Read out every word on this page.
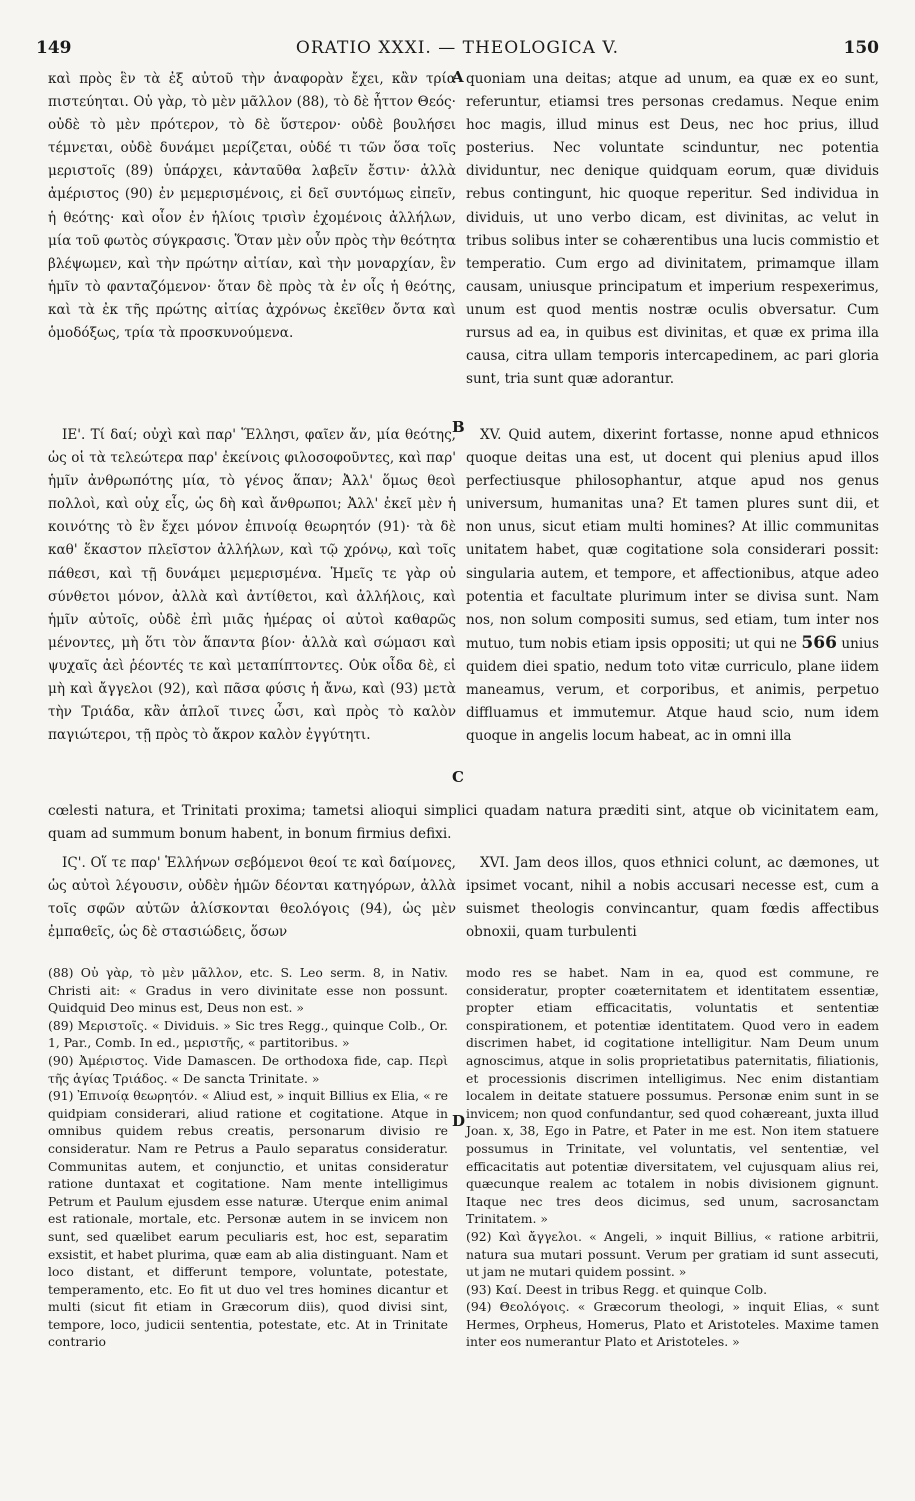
149	ORATIO XXXI. — THEOLOGICA V.	150

καὶ πρὸς ἓν τὰ ἐξ αὐτοῦ τὴν ἀναφορὰν ἔχει, κἂν τρία πιστεύηται. Οὐ γὰρ, τὸ μὲν μᾶλλον (88), τὸ δὲ ἧττον Θεός· οὐδὲ τὸ μὲν πρότερον, τὸ δὲ ὕστερον· οὐδὲ βουλήσει τέμνεται, οὐδὲ δυνάμει μερίζεται, οὐδέ τι τῶν ὅσα τοῖς μεριστοῖς (89) ὑπάρχει, κἀνταῦθα λαβεῖν ἔστιν· ἀλλὰ ἀμέριστος (90) ἐν μεμερισμένοις, εἰ δεῖ συντόμως εἰπεῖν, ἡ θεότης· καὶ οἷον ἐν ἡλίοις τρισὶν ἐχομένοις ἀλλήλων, μία τοῦ φωτὸς σύγκρασις. Ὅταν μὲν οὖν πρὸς τὴν θεότητα βλέψωμεν, καὶ τὴν πρώτην αἰτίαν, καὶ τὴν μοναρχίαν, ἓν ἡμῖν τὸ φανταζόμενον· ὅταν δὲ πρὸς τὰ ἐν οἷς ἡ θεότης, καὶ τὰ ἐκ τῆς πρώτης αἰτίας ἀχρόνως ἐκεῖθεν ὄντα καὶ ὁμοδόξως, τρία τὰ προσκυνούμενα.

ΙΕ'. Τί δαί; οὐχὶ καὶ παρ' Ἕλλησι, φαῖεν ἄν, μία θεότης, ὡς οἱ τὰ τελεώτερα παρ' ἐκείνοις φιλοσοφοῦντες, καὶ παρ' ἡμῖν ἀνθρωπότης μία, τὸ γένος ἅπαν; Ἀλλ' ὅμως θεοὶ πολλοὶ, καὶ οὐχ εἷς, ὡς δὴ καὶ ἄνθρωποι; Ἀλλ' ἐκεῖ μὲν ἡ κοινότης τὸ ἓν ἔχει μόνον ἐπινοίᾳ θεωρητόν (91)· τὰ δὲ καθ' ἕκαστον πλεῖστον ἀλλήλων, καὶ τῷ χρόνῳ, καὶ τοῖς πάθεσι, καὶ τῇ δυνάμει μεμερισμένα. Ἡμεῖς τε γὰρ οὐ σύνθετοι μόνον, ἀλλὰ καὶ ἀντίθετοι, καὶ ἀλλήλοις, καὶ ἡμῖν αὐτοῖς, οὐδὲ ἐπὶ μιᾶς ἡμέρας οἱ αὐτοὶ καθαρῶς μένοντες, μὴ ὅτι τὸν ἅπαντα βίον· ἀλλὰ καὶ σώμασι καὶ ψυχαῖς ἀεὶ ῥέοντές τε καὶ μεταπίπτοντες. Οὐκ οἶδα δὲ, εἰ μὴ καὶ ἄγγελοι (92), καὶ πᾶσα φύσις ἡ ἄνω, καὶ (93) μετὰ τὴν Τριάδα, κἂν ἁπλοῖ τινες ὦσι, καὶ πρὸς τὸ καλὸν παγιώτεροι, τῇ πρὸς τὸ ἄκρον καλὸν ἐγγύτητι.

ΙϚ'. Οἵ τε παρ' Ἑλλήνων σεβόμενοι θεοί τε καὶ δαίμονες, ὡς αὐτοὶ λέγουσιν, οὐδὲν ἡμῶν δέονται κατηγόρων, ἀλλὰ τοῖς σφῶν αὐτῶν ἁλίσκονται θεολόγοις (94), ὡς μὲν ἐμπαθεῖς, ὡς δὲ στασιώδεις, ὅσων

A
B
C
D

quoniam una deitas; atque ad unum, ea quæ ex eo sunt, referuntur, etiamsi tres personas credamus. Neque enim hoc magis, illud minus est Deus, nec hoc prius, illud posterius. Nec voluntate scinduntur, nec potentia dividuntur, nec denique quidquam eorum, quæ dividuis rebus contingunt, hic quoque reperitur. Sed individua in dividuis, ut uno verbo dicam, est divinitas, ac velut in tribus solibus inter se cohærentibus una lucis commistio et temperatio. Cum ergo ad divinitatem, primamque illam causam, uniusque principatum et imperium respexerimus, unum est quod mentis nostræ oculis obversatur. Cum rursus ad ea, in quibus est divinitas, et quæ ex prima illa causa, citra ullam temporis intercapedinem, ac pari gloria sunt, tria sunt quæ adorantur.

XV. Quid autem, dixerint fortasse, nonne apud ethnicos quoque deitas una est, ut docent qui plenius apud illos perfectiusque philosophantur, atque apud nos genus universum, humanitas una? Et tamen plures sunt dii, et non unus, sicut etiam multi homines? At illic communitas unitatem habet, quæ cogitatione sola considerari possit: singularia autem, et tempore, et affectionibus, atque adeo potentia et facultate plurimum inter se divisa sunt. Nam nos, non solum compositi sumus, sed etiam, tum inter nos mutuo, tum nobis etiam ipsis oppositi; ut qui ne 566 unius quidem diei spatio, nedum toto vitæ curriculo, plane iidem maneamus, verum, et corporibus, et animis, perpetuo diffluamus et immutemur. Atque haud scio, num idem quoque in angelis locum habeat, ac in omni illa

XVI. Jam deos illos, quos ethnici colunt, ac dæmones, ut ipsimet vocant, nihil a nobis accusari necesse est, cum a suismet theologis convincantur, quam fœdis affectibus obnoxii, quam turbulenti

cœlesti natura, et Trinitati proxima; tametsi alioqui simplici quadam natura præditi sint, atque ob vicinitatem eam, quam ad summum bonum habent, in bonum firmius defixi.

(88) Οὐ γὰρ, τὸ μὲν μᾶλλον, etc. S. Leo serm. 8, in Nativ. Christi ait: « Gradus in vero divinitate esse non possunt. Quidquid Deo minus est, Deus non est. »

(89) Μεριστοῖς. « Dividuis. » Sic tres Regg., quinque Colb., Or. 1, Par., Comb. In ed., μεριστῆς, « partitoribus. »

(90) Ἀμέριστος. Vide Damascen. De orthodoxa fide, cap. Περὶ τῆς ἁγίας Τριάδος. « De sancta Trinitate. »

(91) Ἐπινοίᾳ θεωρητόν. « Aliud est, » inquit Billius ex Elia, « re quidpiam considerari, aliud ratione et cogitatione. Atque in omnibus quidem rebus creatis, personarum divisio re consideratur. Nam re Petrus a Paulo separatus consideratur. Communitas autem, et conjunctio, et unitas consideratur ratione duntaxat et cogitatione. Nam mente intelligimus Petrum et Paulum ejusdem esse naturæ. Uterque enim animal est rationale, mortale, etc. Personæ autem in se invicem non sunt, sed quælibet earum peculiaris est, hoc est, separatim exsistit, et habet plurima, quæ eam ab alia distinguant. Nam et loco distant, et differunt tempore, voluntate, potestate, temperamento, etc. Eo fit ut duo vel tres homines dicantur et multi (sicut fit etiam in Græcorum diis), quod divisi sint, tempore, loco, judicii sententia, potestate, etc. At in Trinitate contrario

modo res se habet. Nam in ea, quod est commune, re consideratur, propter coæternitatem et identitatem essentiæ, propter etiam efficacitatis, voluntatis et sententiæ conspirationem, et potentiæ identitatem. Quod vero in eadem discrimen habet, id cogitatione intelligitur. Nam Deum unum agnoscimus, atque in solis proprietatibus paternitatis, filiationis, et processionis discrimen intelligimus. Nec enim distantiam localem in deitate statuere possumus. Personæ enim sunt in se invicem; non quod confundantur, sed quod cohæreant, juxta illud Joan. x, 38, Ego in Patre, et Pater in me est. Non item statuere possumus in Trinitate, vel voluntatis, vel sententiæ, vel efficacitatis aut potentiæ diversitatem, vel cujusquam alius rei, quæcunque realem ac totalem in nobis divisionem gignunt. Itaque nec tres deos dicimus, sed unum, sacrosanctam Trinitatem. »

(92) Καὶ ἄγγελοι. « Angeli, » inquit Billius, « ratione arbitrii, natura sua mutari possunt. Verum per gratiam id sunt assecuti, ut jam ne mutari quidem possint. »

(93) Καί. Deest in tribus Regg. et quinque Colb.

(94) Θεολόγοις. « Græcorum theologi, » inquit Elias, « sunt Hermes, Orpheus, Homerus, Plato et Aristoteles. Maxime tamen inter eos numerantur Plato et Aristoteles. »
